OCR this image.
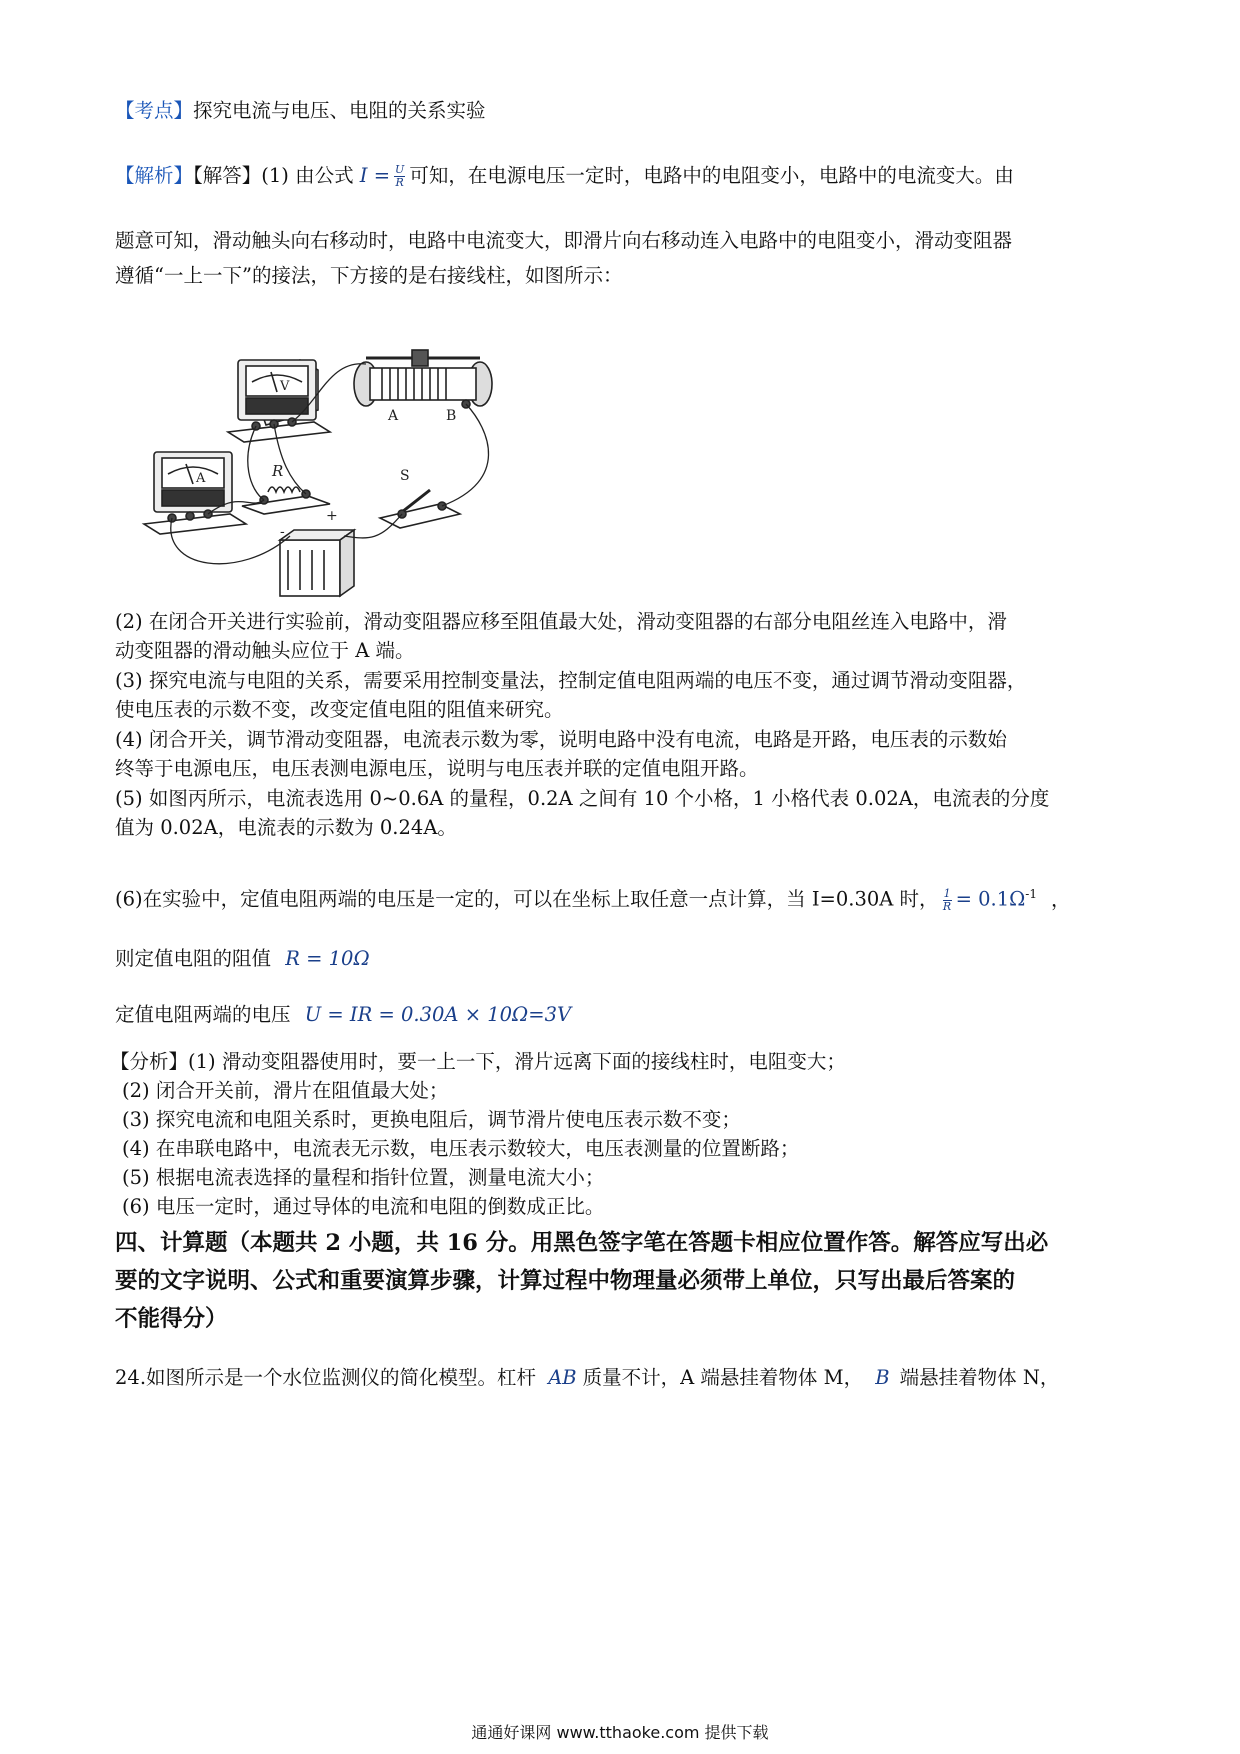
【考点】探究电流与电压、电阻的关系实验
【解析】【解答】(1) 由公式 $I = \frac{U}{R}$ 可知，在电源电压一定时，电路中的电阻变小，电路中的电流变大。由
题意可知，滑动触头向右移动时，电路中电流变大，即滑片向右移动连入电路中的电阻变小，滑动变阻器
遵循“一上一下”的接法，下方接的是右接线柱，如图所示：
V
A	R
A	B
S
-
+
(2) 在闭合开关进行实验前，滑动变阻器应移至阻值最大处，滑动变阻器的右部分电阻丝连入电路中，滑
动变阻器的滑动触头应位于 A 端。
(3) 探究电流与电阻的关系，需要采用控制变量法，控制定值电阻两端的电压不变，通过调节滑动变阻器，
使电压表的示数不变，改变定值电阻的阻值来研究。
(4) 闭合开关，调节滑动变阻器，电流表示数为零，说明电路中没有电流，电路是开路，电压表的示数始
终等于电源电压，电压表测电源电压，说明与电压表并联的定值电阻开路。
(5) 如图丙所示，电流表选用 0~0.6A 的量程，0.2A 之间有 10 个小格，1 小格代表 0.02A，电流表的分度
值为 0.02A，电流表的示数为 0.24A。
(6)在实验中，定值电阻两端的电压是一定的，可以在坐标上取任意一点计算，当 I=0.30A 时， $\frac{1}{R} = 0.1\Omega^{-1}$ ，
则定值电阻的阻值 R = 10Ω
定值电阻两端的电压 U = IR = 0.30A × 10Ω=3V
【分析】(1) 滑动变阻器使用时，要一上一下，滑片远离下面的接线柱时，电阻变大；
(2) 闭合开关前，滑片在阻值最大处；
(3) 探究电流和电阻关系时，更换电阻后，调节滑片使电压表示数不变；
(4) 在串联电路中，电流表无示数，电压表示数较大，电压表测量的位置断路；
(5) 根据电流表选择的量程和指针位置，测量电流大小；
(6) 电压一定时，通过导体的电流和电阻的倒数成正比。
四、计算题（本题共 2 小题，共 16 分。用黑色签字笔在答题卡相应位置作答。解答应写出必
要的文字说明、公式和重要演算步骤，计算过程中物理量必须带上单位，只写出最后答案的
不能得分）
24.如图所示是一个水位监测仪的简化模型。杠杆 AB 质量不计，A 端悬挂着物体 M， B 端悬挂着物体 N，
通通好课网 www.tthaoke.com 提供下载
